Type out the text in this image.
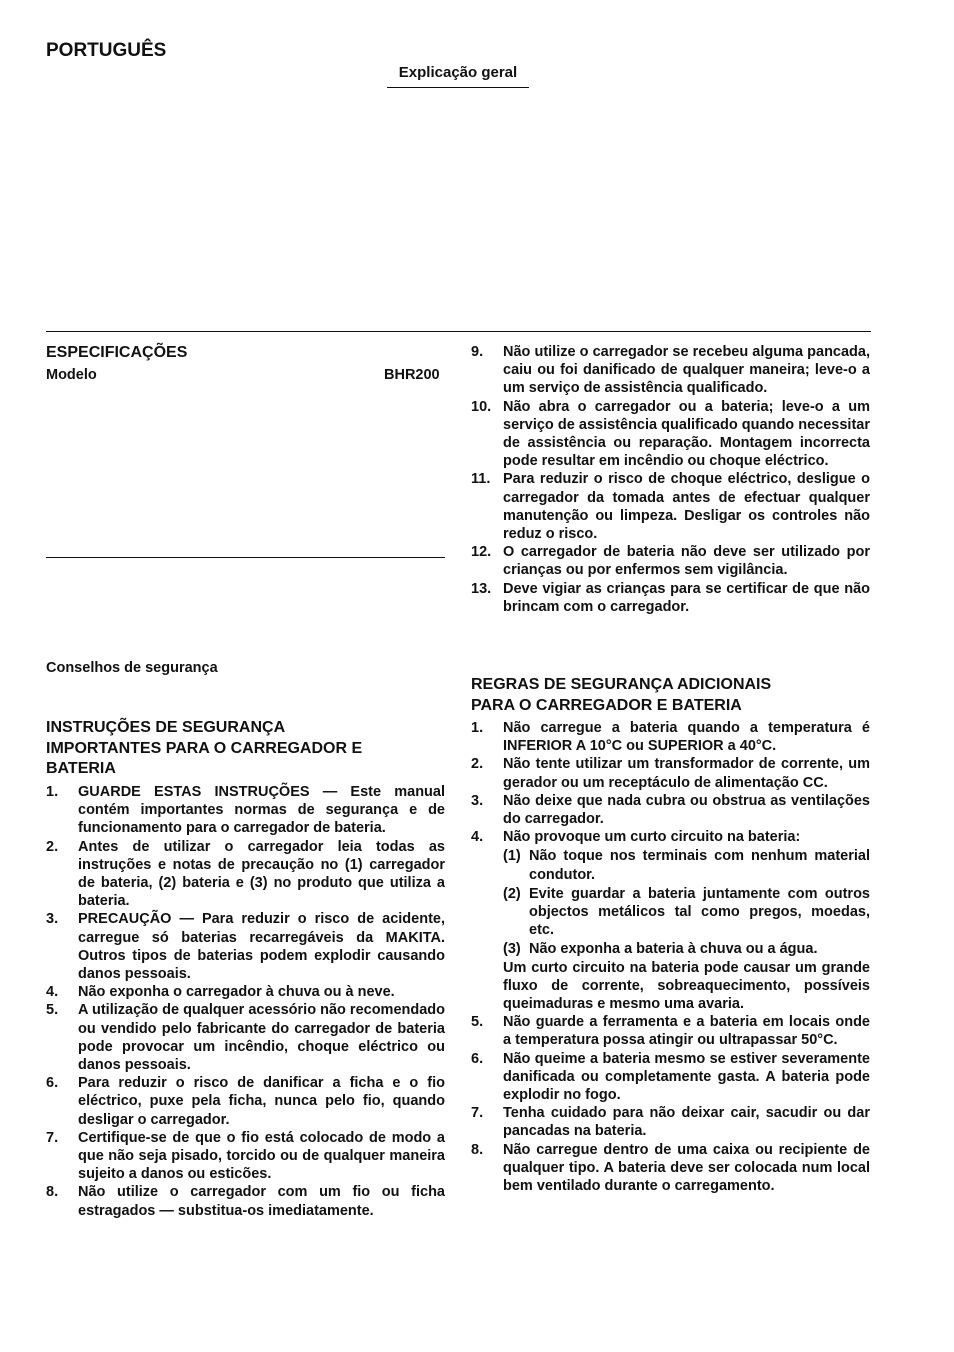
PORTUGUÊS
Explicação geral
ESPECIFICAÇÕES
Modelo	BHR200
Conselhos de segurança
INSTRUÇÕES DE SEGURANÇA
IMPORTANTES PARA O CARREGADOR E
BATERIA
1. GUARDE ESTAS INSTRUÇÕES — Este manual contém importantes normas de segurança e de funcionamento para o carregador de bateria.
2. Antes de utilizar o carregador leia todas as instruções e notas de precaução no (1) carregador de bateria, (2) bateria e (3) no produto que utiliza a bateria.
3. PRECAUÇÃO — Para reduzir o risco de acidente, carregue só baterias recarregáveis da MAKITA. Outros tipos de baterias podem explodir causando danos pessoais.
4. Não exponha o carregador à chuva ou à neve.
5. A utilização de qualquer acessório não recomendado ou vendido pelo fabricante do carregador de bateria pode provocar um incêndio, choque eléctrico ou danos pessoais.
6. Para reduzir o risco de danificar a ficha e o fio eléctrico, puxe pela ficha, nunca pelo fio, quando desligar o carregador.
7. Certifique-se de que o fio está colocado de modo a que não seja pisado, torcido ou de qualquer maneira sujeito a danos ou esticões.
8. Não utilize o carregador com um fio ou ficha estragados — substitua-os imediatamente.
9. Não utilize o carregador se recebeu alguma pancada, caiu ou foi danificado de qualquer maneira; leve-o a um serviço de assistência qualificado.
10. Não abra o carregador ou a bateria; leve-o a um serviço de assistência qualificado quando necessitar de assistência ou reparação. Montagem incorrecta pode resultar em incêndio ou choque eléctrico.
11. Para reduzir o risco de choque eléctrico, desligue o carregador da tomada antes de efectuar qualquer manutenção ou limpeza. Desligar os controles não reduz o risco.
12. O carregador de bateria não deve ser utilizado por crianças ou por enfermos sem vigilância.
13. Deve vigiar as crianças para se certificar de que não brincam com o carregador.
REGRAS DE SEGURANÇA ADICIONAIS
PARA O CARREGADOR E BATERIA
1. Não carregue a bateria quando a temperatura é INFERIOR A 10°C ou SUPERIOR a 40°C.
2. Não tente utilizar um transformador de corrente, um gerador ou um receptáculo de alimentação CC.
3. Não deixe que nada cubra ou obstrua as ventilações do carregador.
4. Não provoque um curto circuito na bateria:
(1) Não toque nos terminais com nenhum material condutor.
(2) Evite guardar a bateria juntamente com outros objectos metálicos tal como pregos, moedas, etc.
(3) Não exponha a bateria à chuva ou a água.
Um curto circuito na bateria pode causar um grande fluxo de corrente, sobreaquecimento, possíveis queimaduras e mesmo uma avaria.
5. Não guarde a ferramenta e a bateria em locais onde a temperatura possa atingir ou ultrapassar 50°C.
6. Não queime a bateria mesmo se estiver severamente danificada ou completamente gasta. A bateria pode explodir no fogo.
7. Tenha cuidado para não deixar cair, sacudir ou dar pancadas na bateria.
8. Não carregue dentro de uma caixa ou recipiente de qualquer tipo. A bateria deve ser colocada num local bem ventilado durante o carregamento.
